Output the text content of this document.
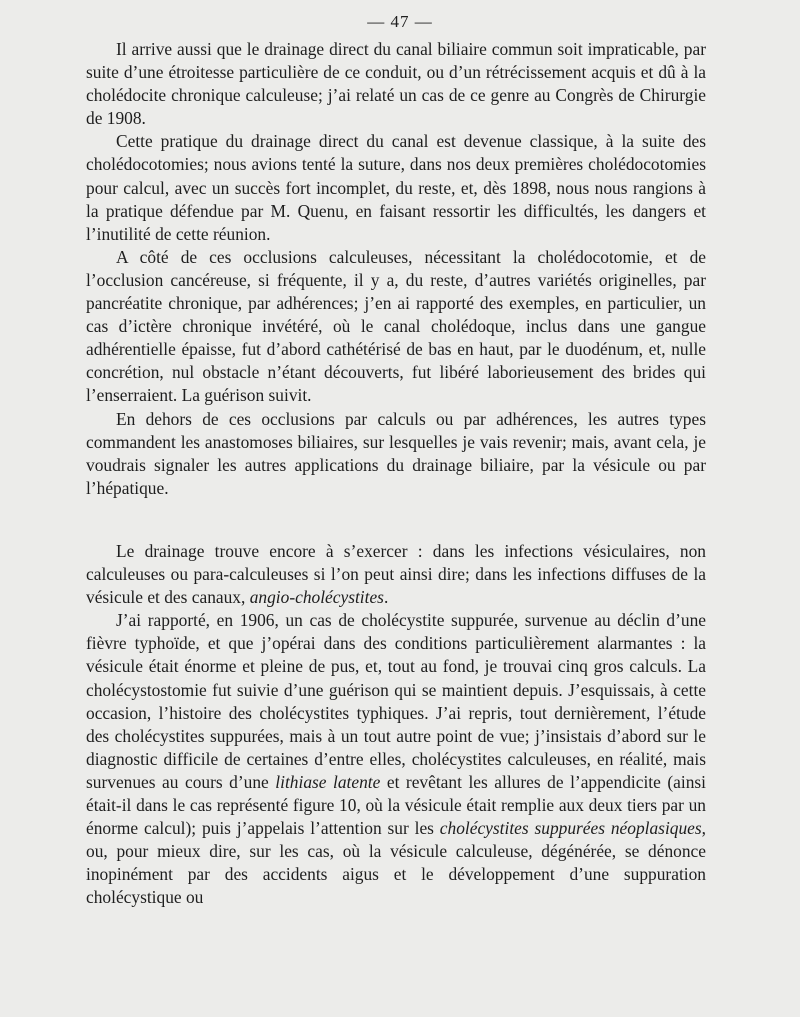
— 47 —

Il arrive aussi que le drainage direct du canal biliaire commun soit impraticable, par suite d’une étroitesse particulière de ce conduit, ou d’un rétrécissement acquis et dû à la cholédocite chronique calculeuse; j’ai relaté un cas de ce genre au Congrès de Chirurgie de 1908.

Cette pratique du drainage direct du canal est devenue classique, à la suite des cholédocotomies; nous avions tenté la suture, dans nos deux premières cholédocotomies pour calcul, avec un succès fort incomplet, du reste, et, dès 1898, nous nous rangions à la pratique défendue par M. Quenu, en faisant ressortir les difficultés, les dangers et l’inutilité de cette réunion.

A côté de ces occlusions calculeuses, nécessitant la cholédocotomie, et de l’occlusion cancéreuse, si fréquente, il y a, du reste, d’autres variétés originelles, par pancréatite chronique, par adhérences; j’en ai rapporté des exemples, en particulier, un cas d’ictère chronique invétéré, où le canal cholédoque, inclus dans une gangue adhérentielle épaisse, fut d’abord cathétérisé de bas en haut, par le duodénum, et, nulle concrétion, nul obstacle n’étant découverts, fut libéré laborieusement des brides qui l’enserraient. La guérison suivit.

En dehors de ces occlusions par calculs ou par adhérences, les autres types commandent les anastomoses biliaires, sur lesquelles je vais revenir; mais, avant cela, je voudrais signaler les autres applications du drainage biliaire, par la vésicule ou par l’hépatique.

Le drainage trouve encore à s’exercer : dans les infections vésiculaires, non calculeuses ou para-calculeuses si l’on peut ainsi dire; dans les infections diffuses de la vésicule et des canaux, angio-cholécystites.

J’ai rapporté, en 1906, un cas de cholécystite suppurée, survenue au déclin d’une fièvre typhoïde, et que j’opérai dans des conditions particulièrement alarmantes : la vésicule était énorme et pleine de pus, et, tout au fond, je trouvai cinq gros calculs. La cholécystostomie fut suivie d’une guérison qui se maintient depuis. J’esquissais, à cette occasion, l’histoire des cholécystites typhiques. J’ai repris, tout dernièrement, l’étude des cholécystites suppurées, mais à un tout autre point de vue; j’insistais d’abord sur le diagnostic difficile de certaines d’entre elles, cholécystites calculeuses, en réalité, mais survenues au cours d’une lithiase latente et revêtant les allures de l’appendicite (ainsi était-il dans le cas représenté figure 10, où la vésicule était remplie aux deux tiers par un énorme calcul); puis j’appelais l’attention sur les cholécystites suppurées néoplasiques, ou, pour mieux dire, sur les cas, où la vésicule calculeuse, dégénérée, se dénonce inopinément par des accidents aigus et le développement d’une suppuration cholécystique ou
